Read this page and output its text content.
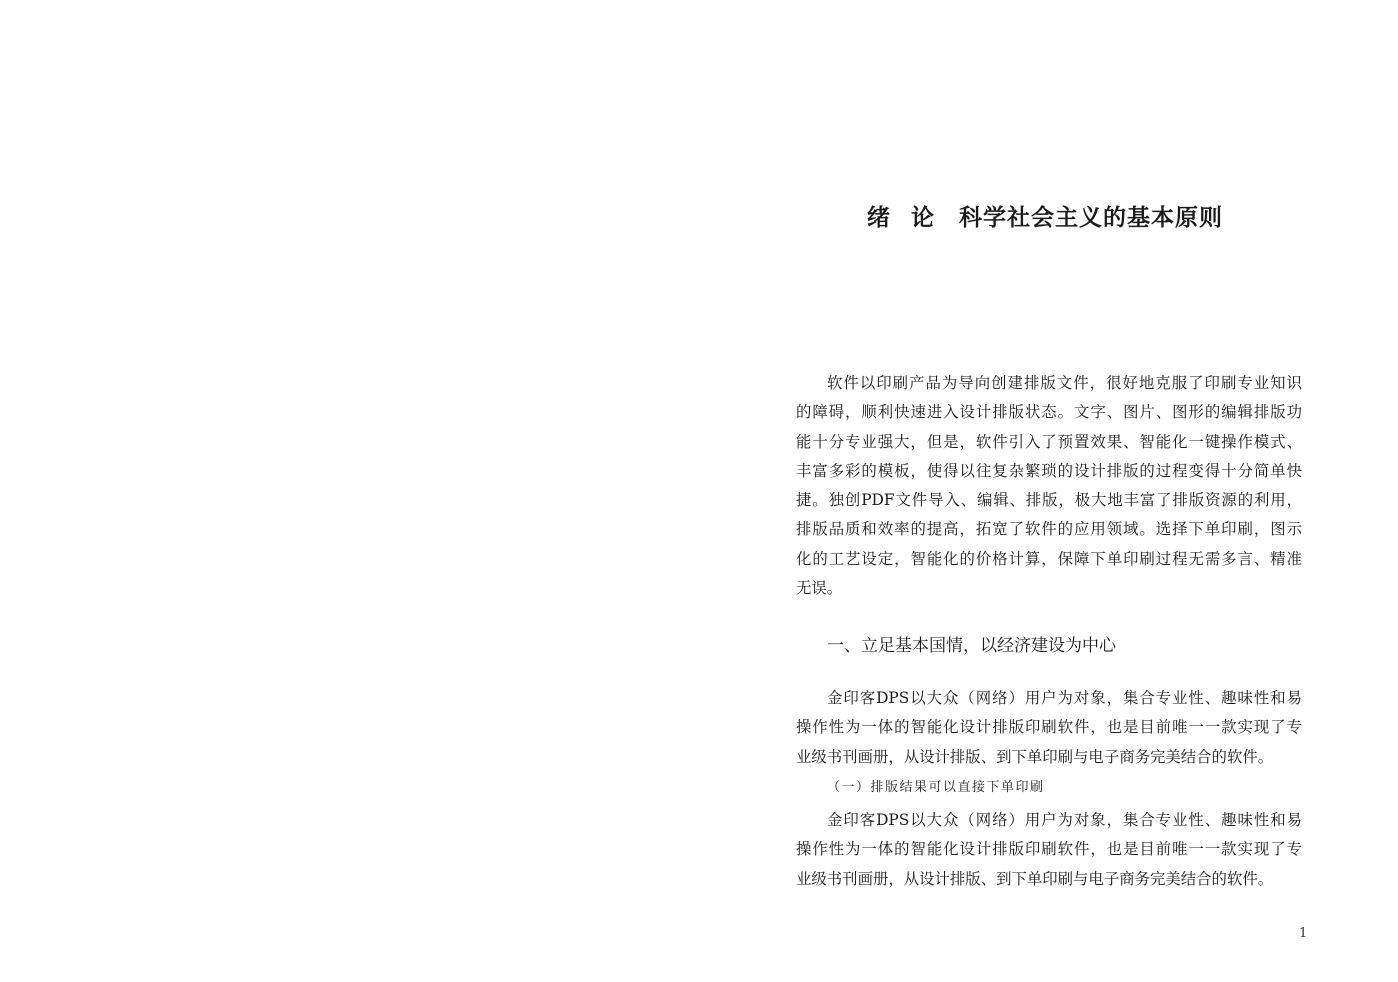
绪 论 科学社会主义的基本原则
软件以印刷产品为导向创建排版文件，很好地克服了印刷专业知识
的障碍，顺利快速进入设计排版状态。文字、图片、图形的编辑排版功
能十分专业强大，但是，软件引入了预置效果、智能化一键操作模式、
丰富多彩的模板，使得以往复杂繁琐的设计排版的过程变得十分简单快
捷。独创PDF文件导入、编辑、排版，极大地丰富了排版资源的利用，
排版品质和效率的提高，拓宽了软件的应用领域。选择下单印刷，图示
化的工艺设定，智能化的价格计算，保障下单印刷过程无需多言、精准
无误。
一、立足基本国情，以经济建设为中心
金印客DPS以大众（网络）用户为对象，集合专业性、趣味性和易
操作性为一体的智能化设计排版印刷软件，也是目前唯一一款实现了专
业级书刊画册，从设计排版、到下单印刷与电子商务完美结合的软件。
（一）排版结果可以直接下单印刷
金印客DPS以大众（网络）用户为对象，集合专业性、趣味性和易
操作性为一体的智能化设计排版印刷软件，也是目前唯一一款实现了专
业级书刊画册，从设计排版、到下单印刷与电子商务完美结合的软件。
1
